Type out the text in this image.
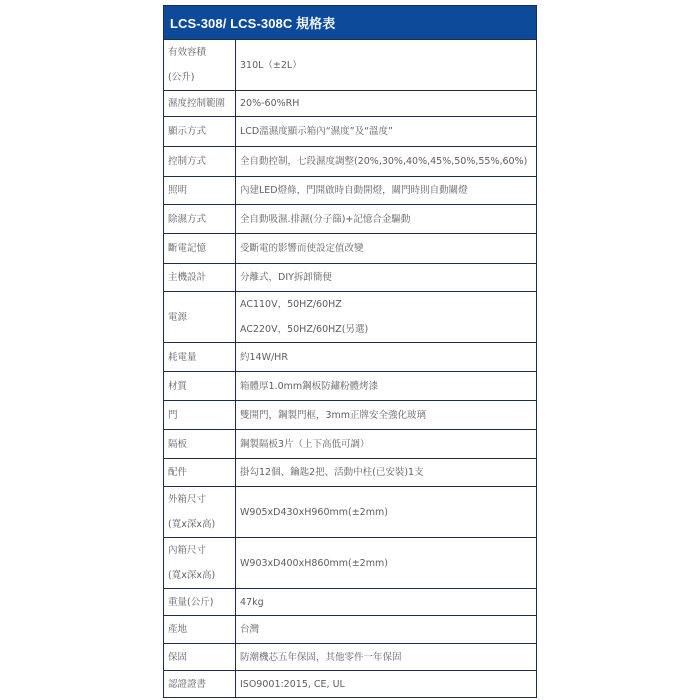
LCS-308/ LCS-308C 規格表	

有效容積
(公升)	310L（±2L）
濕度控制範圍	20%-60%RH
顯示方式	LCD溫濕度顯示箱內“濕度”及“溫度”
控制方式	全自動控制，七段濕度調整(20%,30%,40%,45%,50%,55%,60%)
照明	內建LED燈條，門開啟時自動開燈，關門時則自動關燈
除濕方式	全自動吸濕.排濕(分子篩)+記憶合金驅動
斷電記憶	受斷電的影響而使設定值改變
主機設計	分離式，DIY拆卸簡便
電源	AC110V，50HZ/60HZ
AC220V，50HZ/60HZ(另選)

耗電量	約14W/HR
材質	箱體厚1.0mm鋼板防鏽粉體烤漆
門	雙開門，鋼製門框，3mm正牌安全強化玻璃
隔板	鋼製隔板3片（上下高低可調）
配件	掛勾12個、鑰匙2把、活動中柱(已安裝)1支

外箱尺寸
(寬x深x高)	W905xD430xH960mm(±2mm)

內箱尺寸
(寬x深x高)	W903xD400xH860mm(±2mm)
重量(公斤)	47kg
產地	台灣
保固	防潮機芯五年保固，其他零件一年保固
認證證書	ISO9001:2015, CE, UL
